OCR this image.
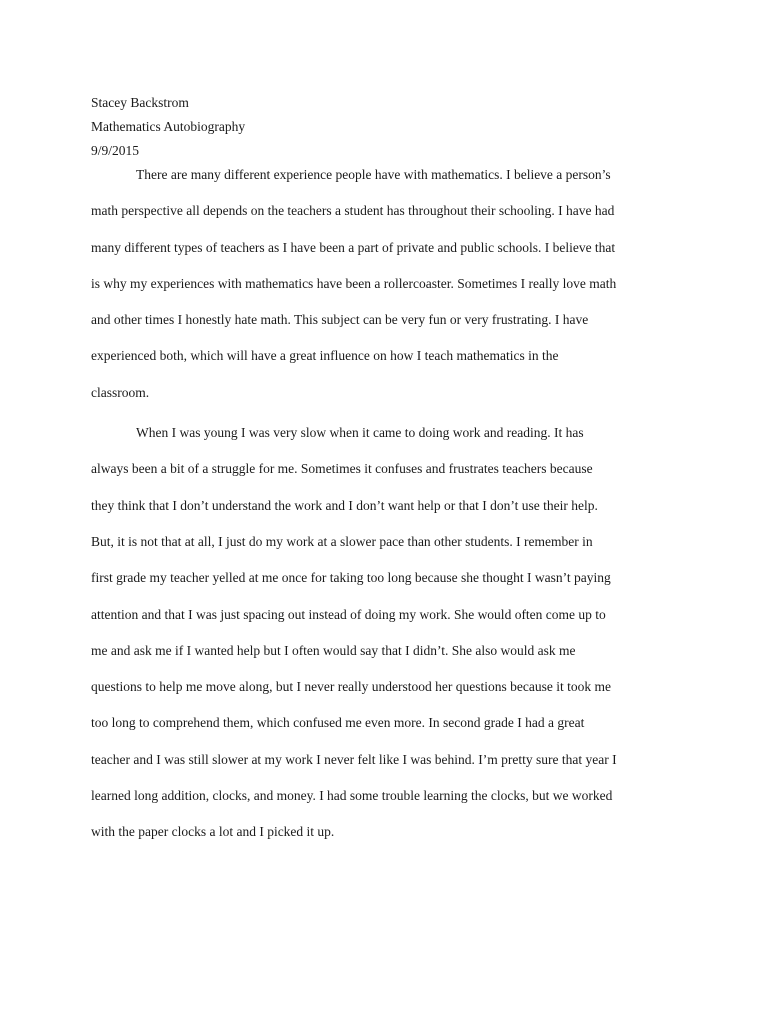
Stacey Backstrom
Mathematics Autobiography
9/9/2015
There are many different experience people have with mathematics. I believe a person’s
math perspective all depends on the teachers a student has throughout their schooling. I have had
many different types of teachers as I have been a part of private and public schools. I believe that
is why my experiences with mathematics have been a rollercoaster. Sometimes I really love math
and other times I honestly hate math. This subject can be very fun or very frustrating. I have
experienced both, which will have a great influence on how I teach mathematics in the
classroom.
When I was young I was very slow when it came to doing work and reading. It has
always been a bit of a struggle for me. Sometimes it confuses and frustrates teachers because
they think that I don’t understand the work and I don’t want help or that I don’t use their help.
But, it is not that at all, I just do my work at a slower pace than other students. I remember in
first grade my teacher yelled at me once for taking too long because she thought I wasn’t paying
attention and that I was just spacing out instead of doing my work. She would often come up to
me and ask me if I wanted help but I often would say that I didn’t. She also would ask me
questions to help me move along, but I never really understood her questions because it took me
too long to comprehend them, which confused me even more. In second grade I had a great
teacher and I was still slower at my work I never felt like I was behind. I’m pretty sure that year I
learned long addition, clocks, and money. I had some trouble learning the clocks, but we worked
with the paper clocks a lot and I picked it up.
